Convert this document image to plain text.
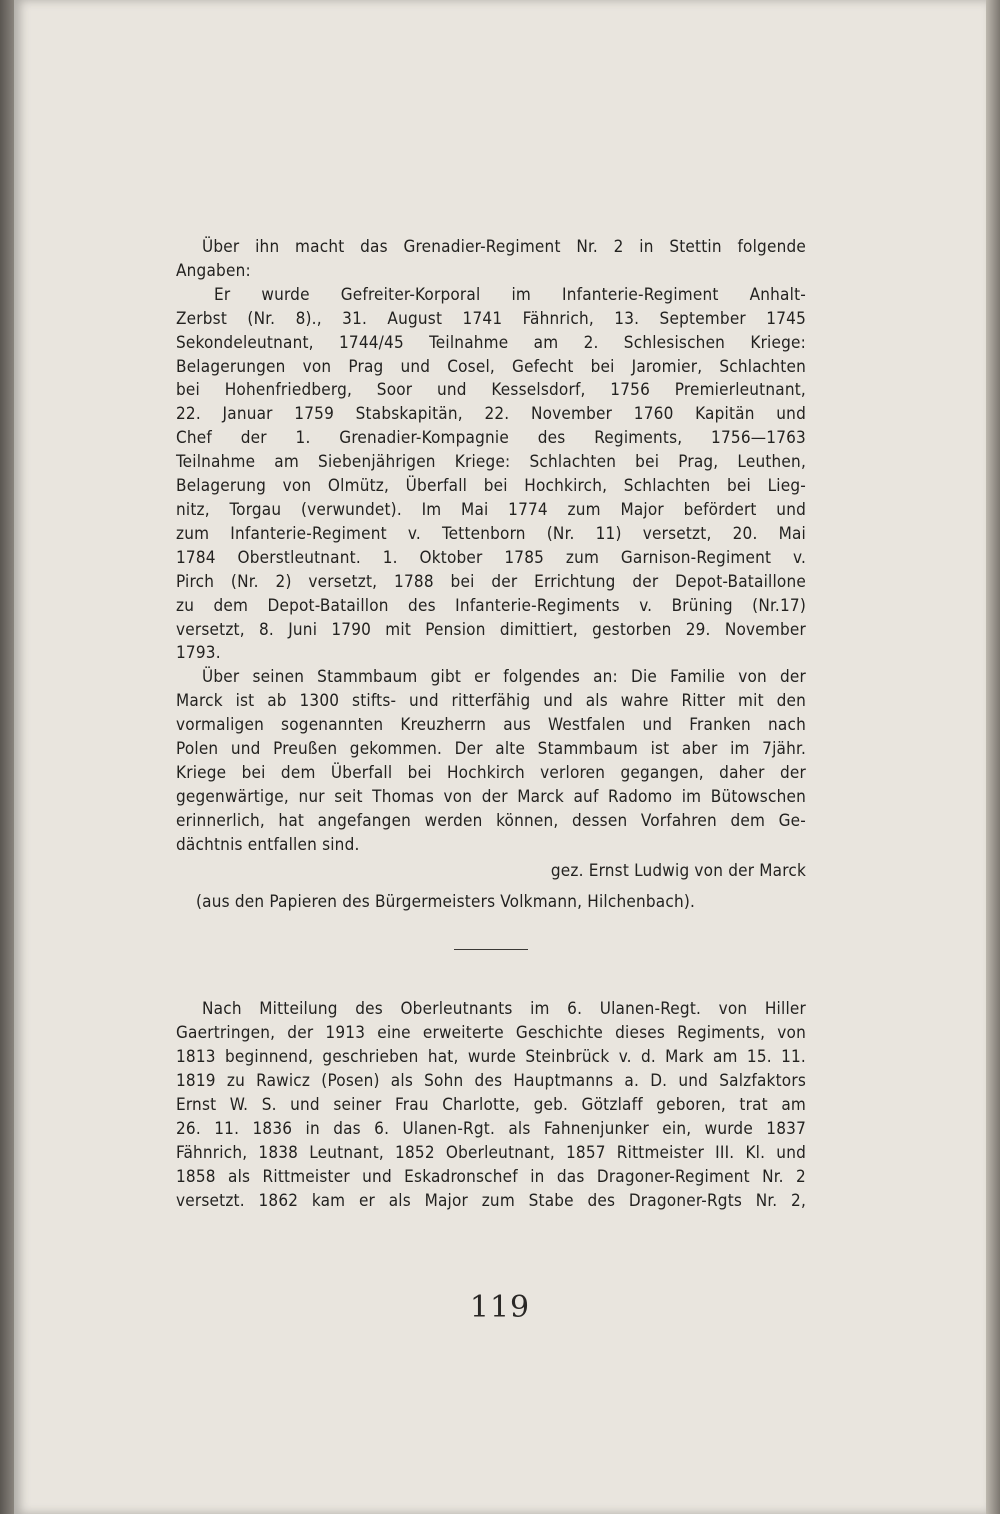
Über ihn macht das Grenadier-Regiment Nr. 2 in Stettin folgende
Angaben:
Er wurde Gefreiter-Korporal im Infanterie-Regiment Anhalt-
Zerbst (Nr. 8)., 31. August 1741 Fähnrich, 13. September 1745
Sekondeleutnant, 1744/45 Teilnahme am 2. Schlesischen Kriege:
Belagerungen von Prag und Cosel, Gefecht bei Jaromier, Schlachten
bei Hohenfriedberg, Soor und Kesselsdorf, 1756 Premierleutnant,
22. Januar 1759 Stabskapitän, 22. November 1760 Kapitän und
Chef der 1. Grenadier-Kompagnie des Regiments, 1756—1763
Teilnahme am Siebenjährigen Kriege: Schlachten bei Prag, Leuthen,
Belagerung von Olmütz, Überfall bei Hochkirch, Schlachten bei Lieg-
nitz, Torgau (verwundet). Im Mai 1774 zum Major befördert und
zum Infanterie-Regiment v. Tettenborn (Nr. 11) versetzt, 20. Mai
1784 Oberstleutnant. 1. Oktober 1785 zum Garnison-Regiment v.
Pirch (Nr. 2) versetzt, 1788 bei der Errichtung der Depot-Bataillone
zu dem Depot-Bataillon des Infanterie-Regiments v. Brüning (Nr.17)
versetzt, 8. Juni 1790 mit Pension dimittiert, gestorben 29. November
1793.
Über seinen Stammbaum gibt er folgendes an: Die Familie von der
Marck ist ab 1300 stifts- und ritterfähig und als wahre Ritter mit den
vormaligen sogenannten Kreuzherrn aus Westfalen und Franken nach
Polen und Preußen gekommen. Der alte Stammbaum ist aber im 7jähr.
Kriege bei dem Überfall bei Hochkirch verloren gegangen, daher der
gegenwärtige, nur seit Thomas von der Marck auf Radomo im Bütowschen
erinnerlich, hat angefangen werden können, dessen Vorfahren dem Ge-
dächtnis entfallen sind.
gez. Ernst Ludwig von der Marck
(aus den Papieren des Bürgermeisters Volkmann, Hilchenbach).
Nach Mitteilung des Oberleutnants im 6. Ulanen-Regt. von Hiller
Gaertringen, der 1913 eine erweiterte Geschichte dieses Regiments, von
1813 beginnend, geschrieben hat, wurde Steinbrück v. d. Mark am 15. 11.
1819 zu Rawicz (Posen) als Sohn des Hauptmanns a. D. und Salzfaktors
Ernst W. S. und seiner Frau Charlotte, geb. Götzlaff geboren, trat am
26. 11. 1836 in das 6. Ulanen-Rgt. als Fahnenjunker ein, wurde 1837
Fähnrich, 1838 Leutnant, 1852 Oberleutnant, 1857 Rittmeister III. Kl. und
1858 als Rittmeister und Eskadronschef in das Dragoner-Regiment Nr. 2
versetzt. 1862 kam er als Major zum Stabe des Dragoner-Rgts Nr. 2,
119
